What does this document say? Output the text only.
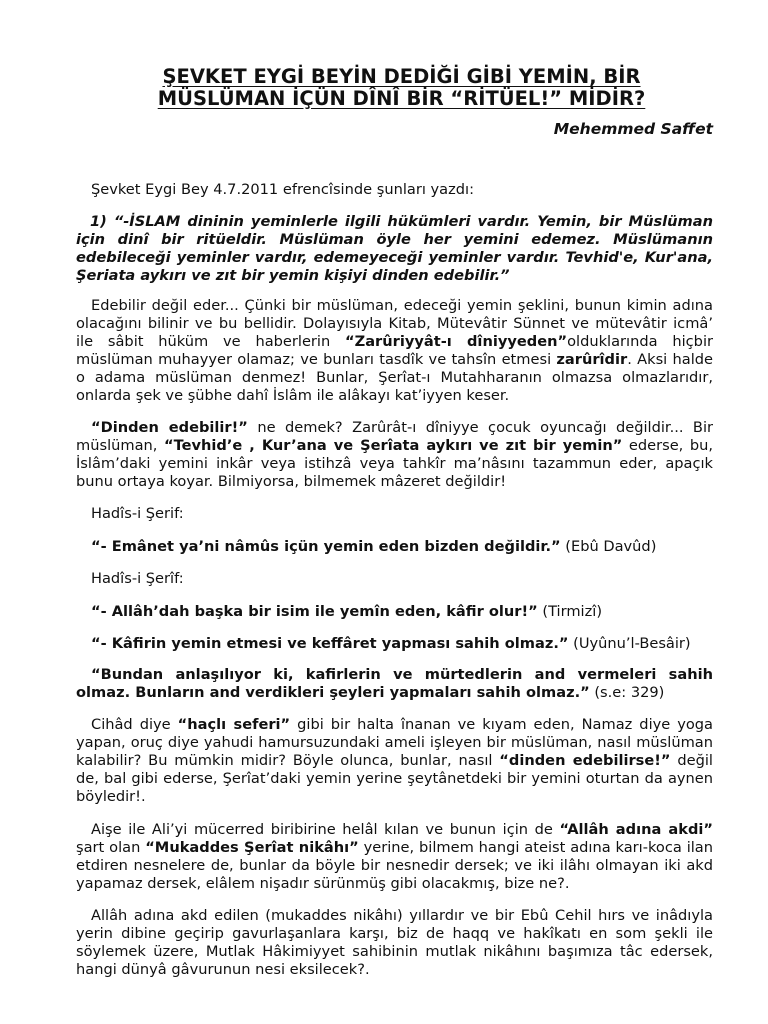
ŞEVKET EYGİ BEYİN DEDİĞİ GİBİ YEMİN, BİR
MÜSLÜMAN İÇÜN DÎNÎ BİR “RİTÜEL!” MİDİR?
Mehemmed Saffet

Şevket Eygi Bey 4.7.2011 efrencîsinde şunları yazdı:

1) “-İSLAM dininin yeminlerle ilgili hükümleri vardır. Yemin, bir Müslüman için dinî bir ritüeldir. Müslüman öyle her yemini edemez. Müslümanın edebileceği yeminler vardır, edemeyeceği yeminler vardır. Tevhid'e, Kur'ana, Şeriata aykırı ve zıt bir yemin kişiyi dinden edebilir.”

Edebilir değil eder... Çünki bir müslüman, edeceği yemin şeklini, bunun kimin adına olacağını bilinir ve bu bellidir. Dolayısıyla Kitab, Mütevâtir Sünnet ve mütevâtir icmâ’ ile sâbit hüküm ve haberlerin “Zarûriyyât-ı dîniyyeden”olduklarında hiçbir müslüman muhayyer olamaz; ve bunları tasdîk ve tahsîn etmesi zarûrîdir. Aksi halde o adama müslüman denmez! Bunlar, Şerîat-ı Mutahharanın olmazsa olmazlarıdır, onlarda şek ve şübhe dahî İslâm ile alâkayı kat’iyyen keser.

“Dinden edebilir!” ne demek? Zarûrât-ı dîniyye çocuk oyuncağı değildir... Bir müslüman, “Tevhid’e , Kur’ana ve Şerîata aykırı ve zıt bir yemin” ederse, bu, İslâm’daki yemini inkâr veya istihzâ veya tahkîr ma’nâsını tazammun eder, apaçık bunu ortaya koyar. Bilmiyorsa, bilmemek mâzeret değildir!

Hadîs-i Şerif:

“- Emânet ya’ni nâmûs içün yemin eden bizden değildir.” (Ebû Davûd)

Hadîs-i Şerîf:

“- Allâh’dah başka bir isim ile yemîn eden, kâfir olur!” (Tirmizî)

“- Kâfirin yemin etmesi ve keffâret yapması sahih olmaz.” (Uyûnu’l-Besâir)

“Bundan anlaşılıyor ki, kafirlerin ve mürtedlerin and vermeleri sahih olmaz. Bunların and verdikleri şeyleri yapmaları sahih olmaz.” (s.e: 329)

Cihâd diye “haçlı seferi” gibi bir halta înanan ve kıyam eden, Namaz diye yoga yapan, oruç diye yahudi hamursuzundaki ameli işleyen bir müslüman, nasıl müslüman kalabilir? Bu mümkin midir? Böyle olunca, bunlar, nasıl “dinden edebilirse!” değil de, bal gibi ederse, Şerîat’daki yemin yerine şeytânetdeki bir yemini oturtan da aynen böyledir!.

Aişe ile Ali’yi mücerred biribirine helâl kılan ve bunun için de “Allâh adına akdi” şart olan “Mukaddes Şerîat nikâhı” yerine, bilmem hangi ateist adına karı-koca ilan etdiren nesnelere de, bunlar da böyle bir nesnedir dersek; ve iki ilâhı olmayan iki akd yapamaz dersek, elâlem nişadır sürünmüş gibi olacakmış, bize ne?.

Allâh adına akd edilen (mukaddes nikâhı) yıllardır ve bir Ebû Cehil hırs ve inâdıyla yerin dibine geçirip gavurlaşanlara karşı, biz de haqq ve hakîkatı en som şekli ile söylemek üzere, Mutlak Hâkimiyyet sahibinin mutlak nikâhını başımıza tâc edersek, hangi dünyâ gâvurunun nesi eksilecek?.
